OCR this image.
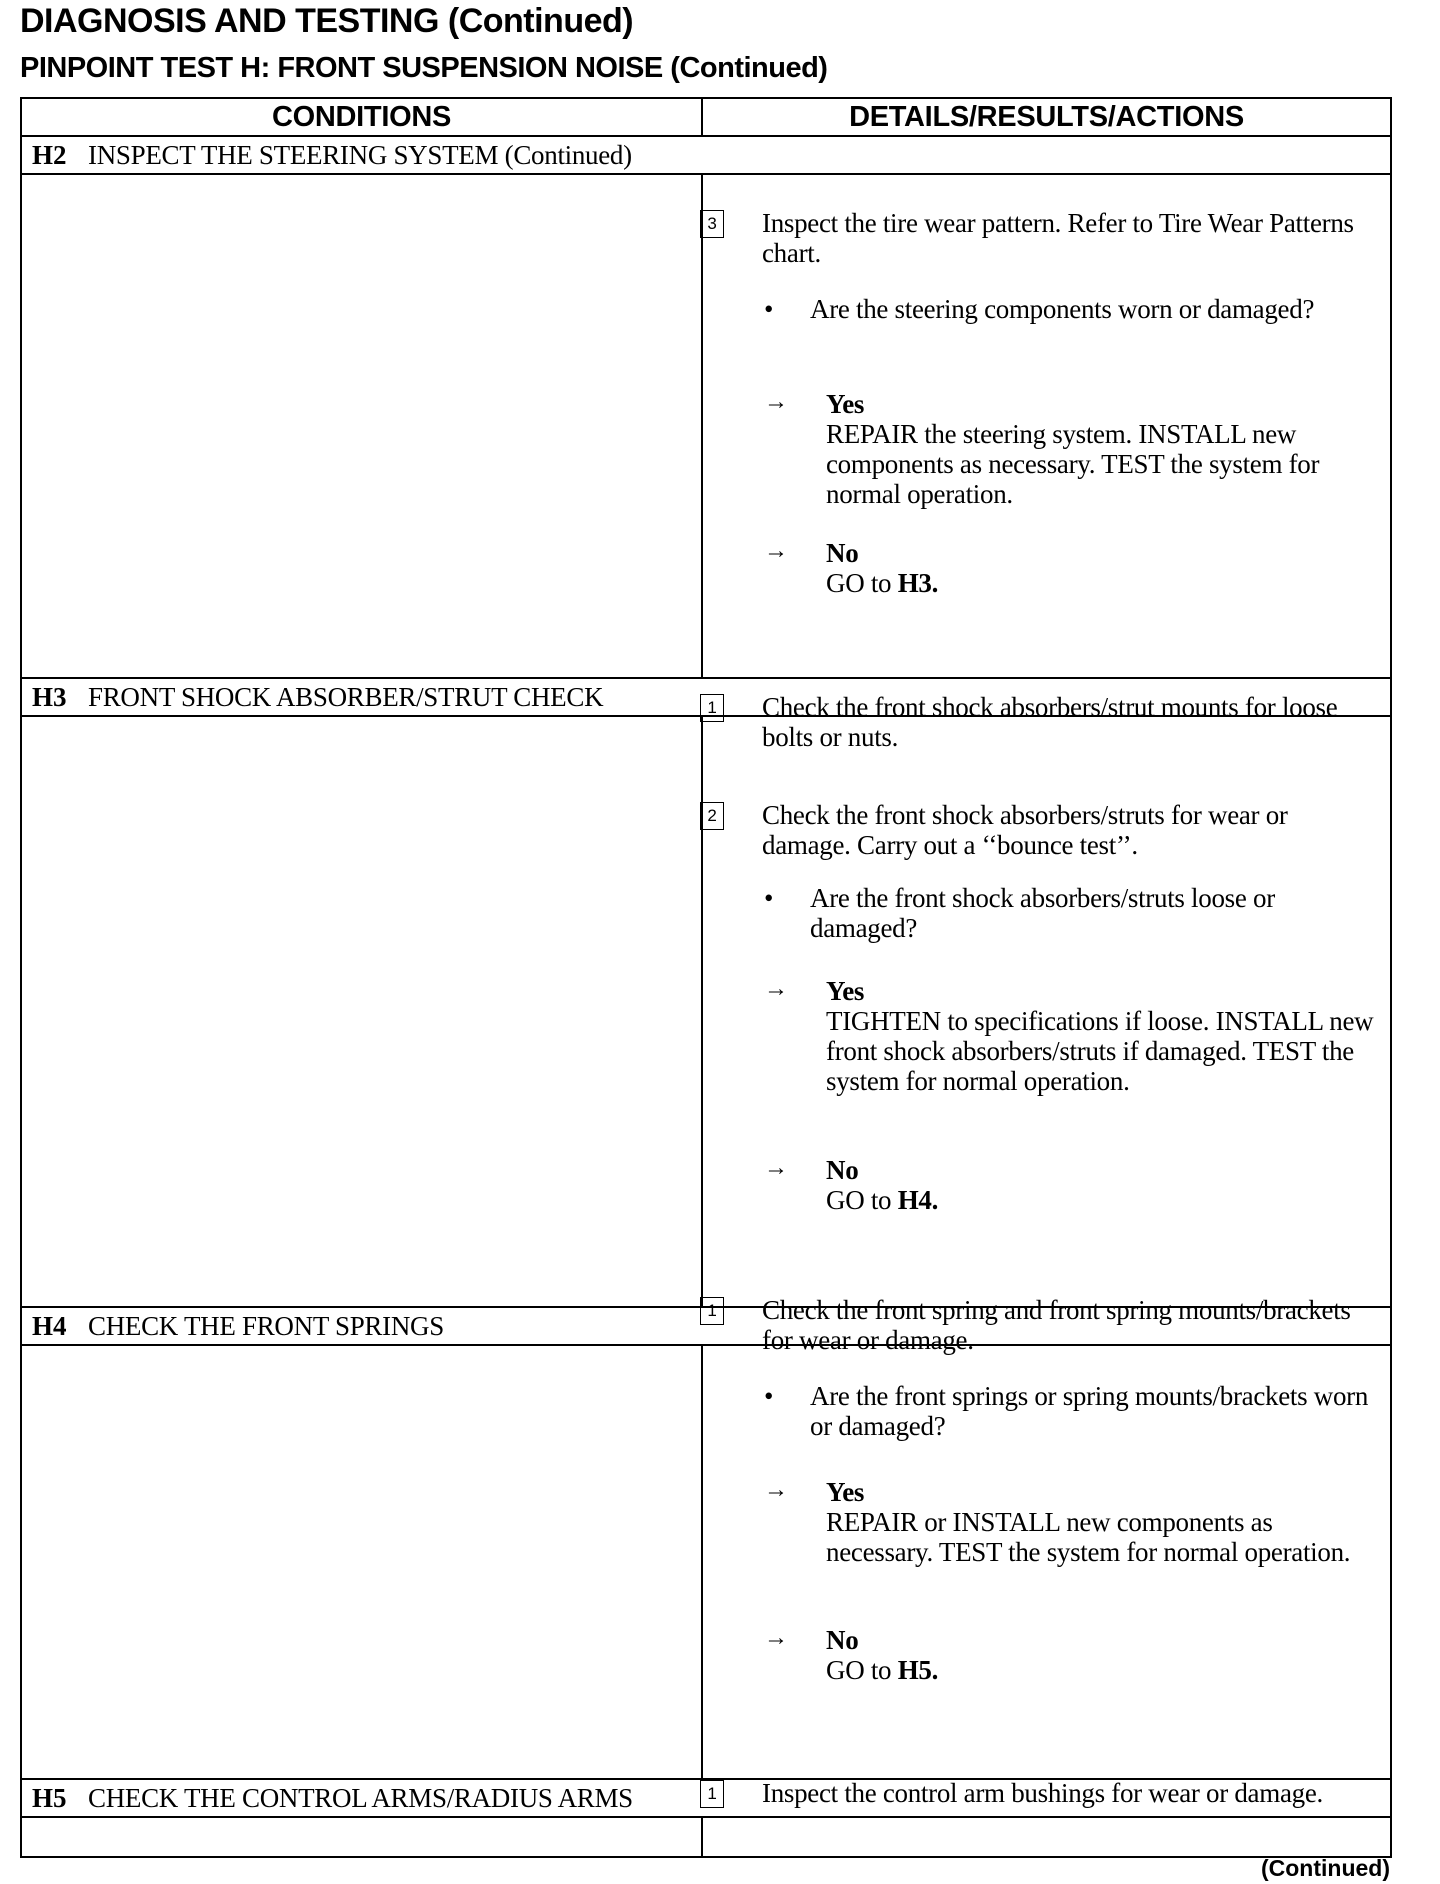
DIAGNOSIS AND TESTING (Continued)
PINPOINT TEST H: FRONT SUSPENSION NOISE (Continued)
CONDITIONS	DETAILS/RESULTS/ACTIONS
H2 INSPECT THE STEERING SYSTEM (Continued)
H3 FRONT SHOCK ABSORBER/STRUT CHECK
H4 CHECK THE FRONT SPRINGS
H5 CHECK THE CONTROL ARMS/RADIUS ARMS
3 Inspect the tire wear pattern. Refer to Tire Wear Patterns chart.
• Are the steering components worn or damaged?
→ Yes
REPAIR the steering system. INSTALL new components as necessary. TEST the system for normal operation.
→ No
GO to H3.
1 Check the front shock absorbers/strut mounts for loose bolts or nuts.
2 Check the front shock absorbers/struts for wear or damage. Carry out a ‘‘bounce test’’.
• Are the front shock absorbers/struts loose or damaged?
→ Yes
TIGHTEN to specifications if loose. INSTALL new front shock absorbers/struts if damaged. TEST the system for normal operation.
→ No
GO to H4.
1 Check the front spring and front spring mounts/brackets for wear or damage.
• Are the front springs or spring mounts/brackets worn or damaged?
→ Yes
REPAIR or INSTALL new components as necessary. TEST the system for normal operation.
→ No
GO to H5.
1 Inspect the control arm bushings for wear or damage.
(Continued)
